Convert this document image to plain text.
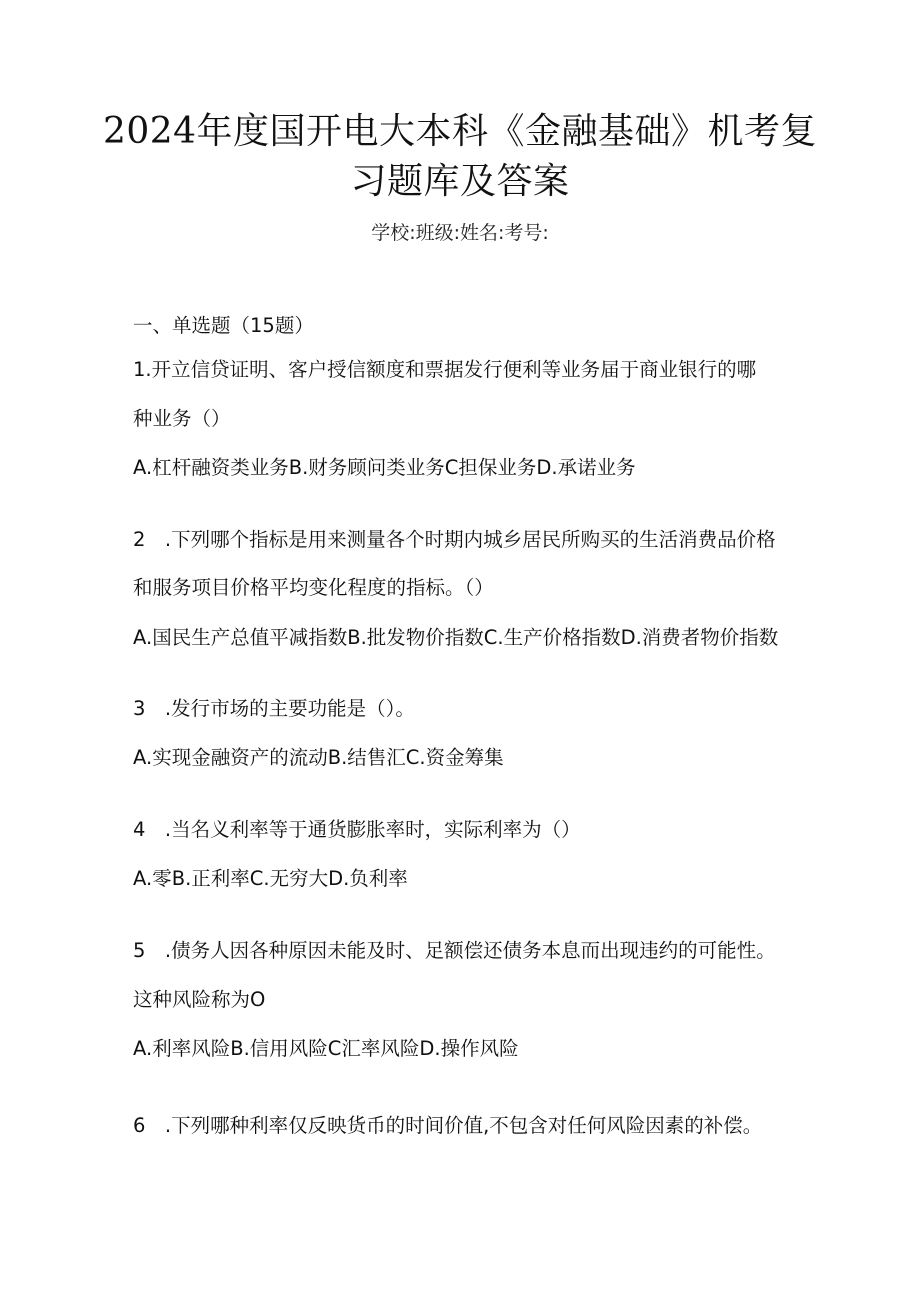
2024年度国开电大本科《金融基础》机考复
习题库及答案
学校:班级:姓名:考号:
一、单选题（15题）
1.开立信贷证明、客户授信额度和票据发行便利等业务届于商业银行的哪
种业务（）
A.杠杆融资类业务B.财务顾问类业务C担保业务D.承诺业务
2　.下列哪个指标是用来测量各个时期内城乡居民所购买的生活消费品价格
和服务项目价格平均变化程度的指标。（）
A.国民生产总值平减指数B.批发物价指数C.生产价格指数D.消费者物价指数
3　.发行市场的主要功能是（）。
A.实现金融资产的流动B.结售汇C.资金筹集
4　.当名义利率等于通货膨胀率时，实际利率为（）
A.零B.正利率C.无穷大D.负利率
5　.债务人因各种原因未能及时、足额偿还债务本息而出现违约的可能性。
这种风险称为O
A.利率风险B.信用风险C汇率风险D.操作风险
6　.下列哪种利率仅反映货币的时间价值,不包含对任何风险因素的补偿。
